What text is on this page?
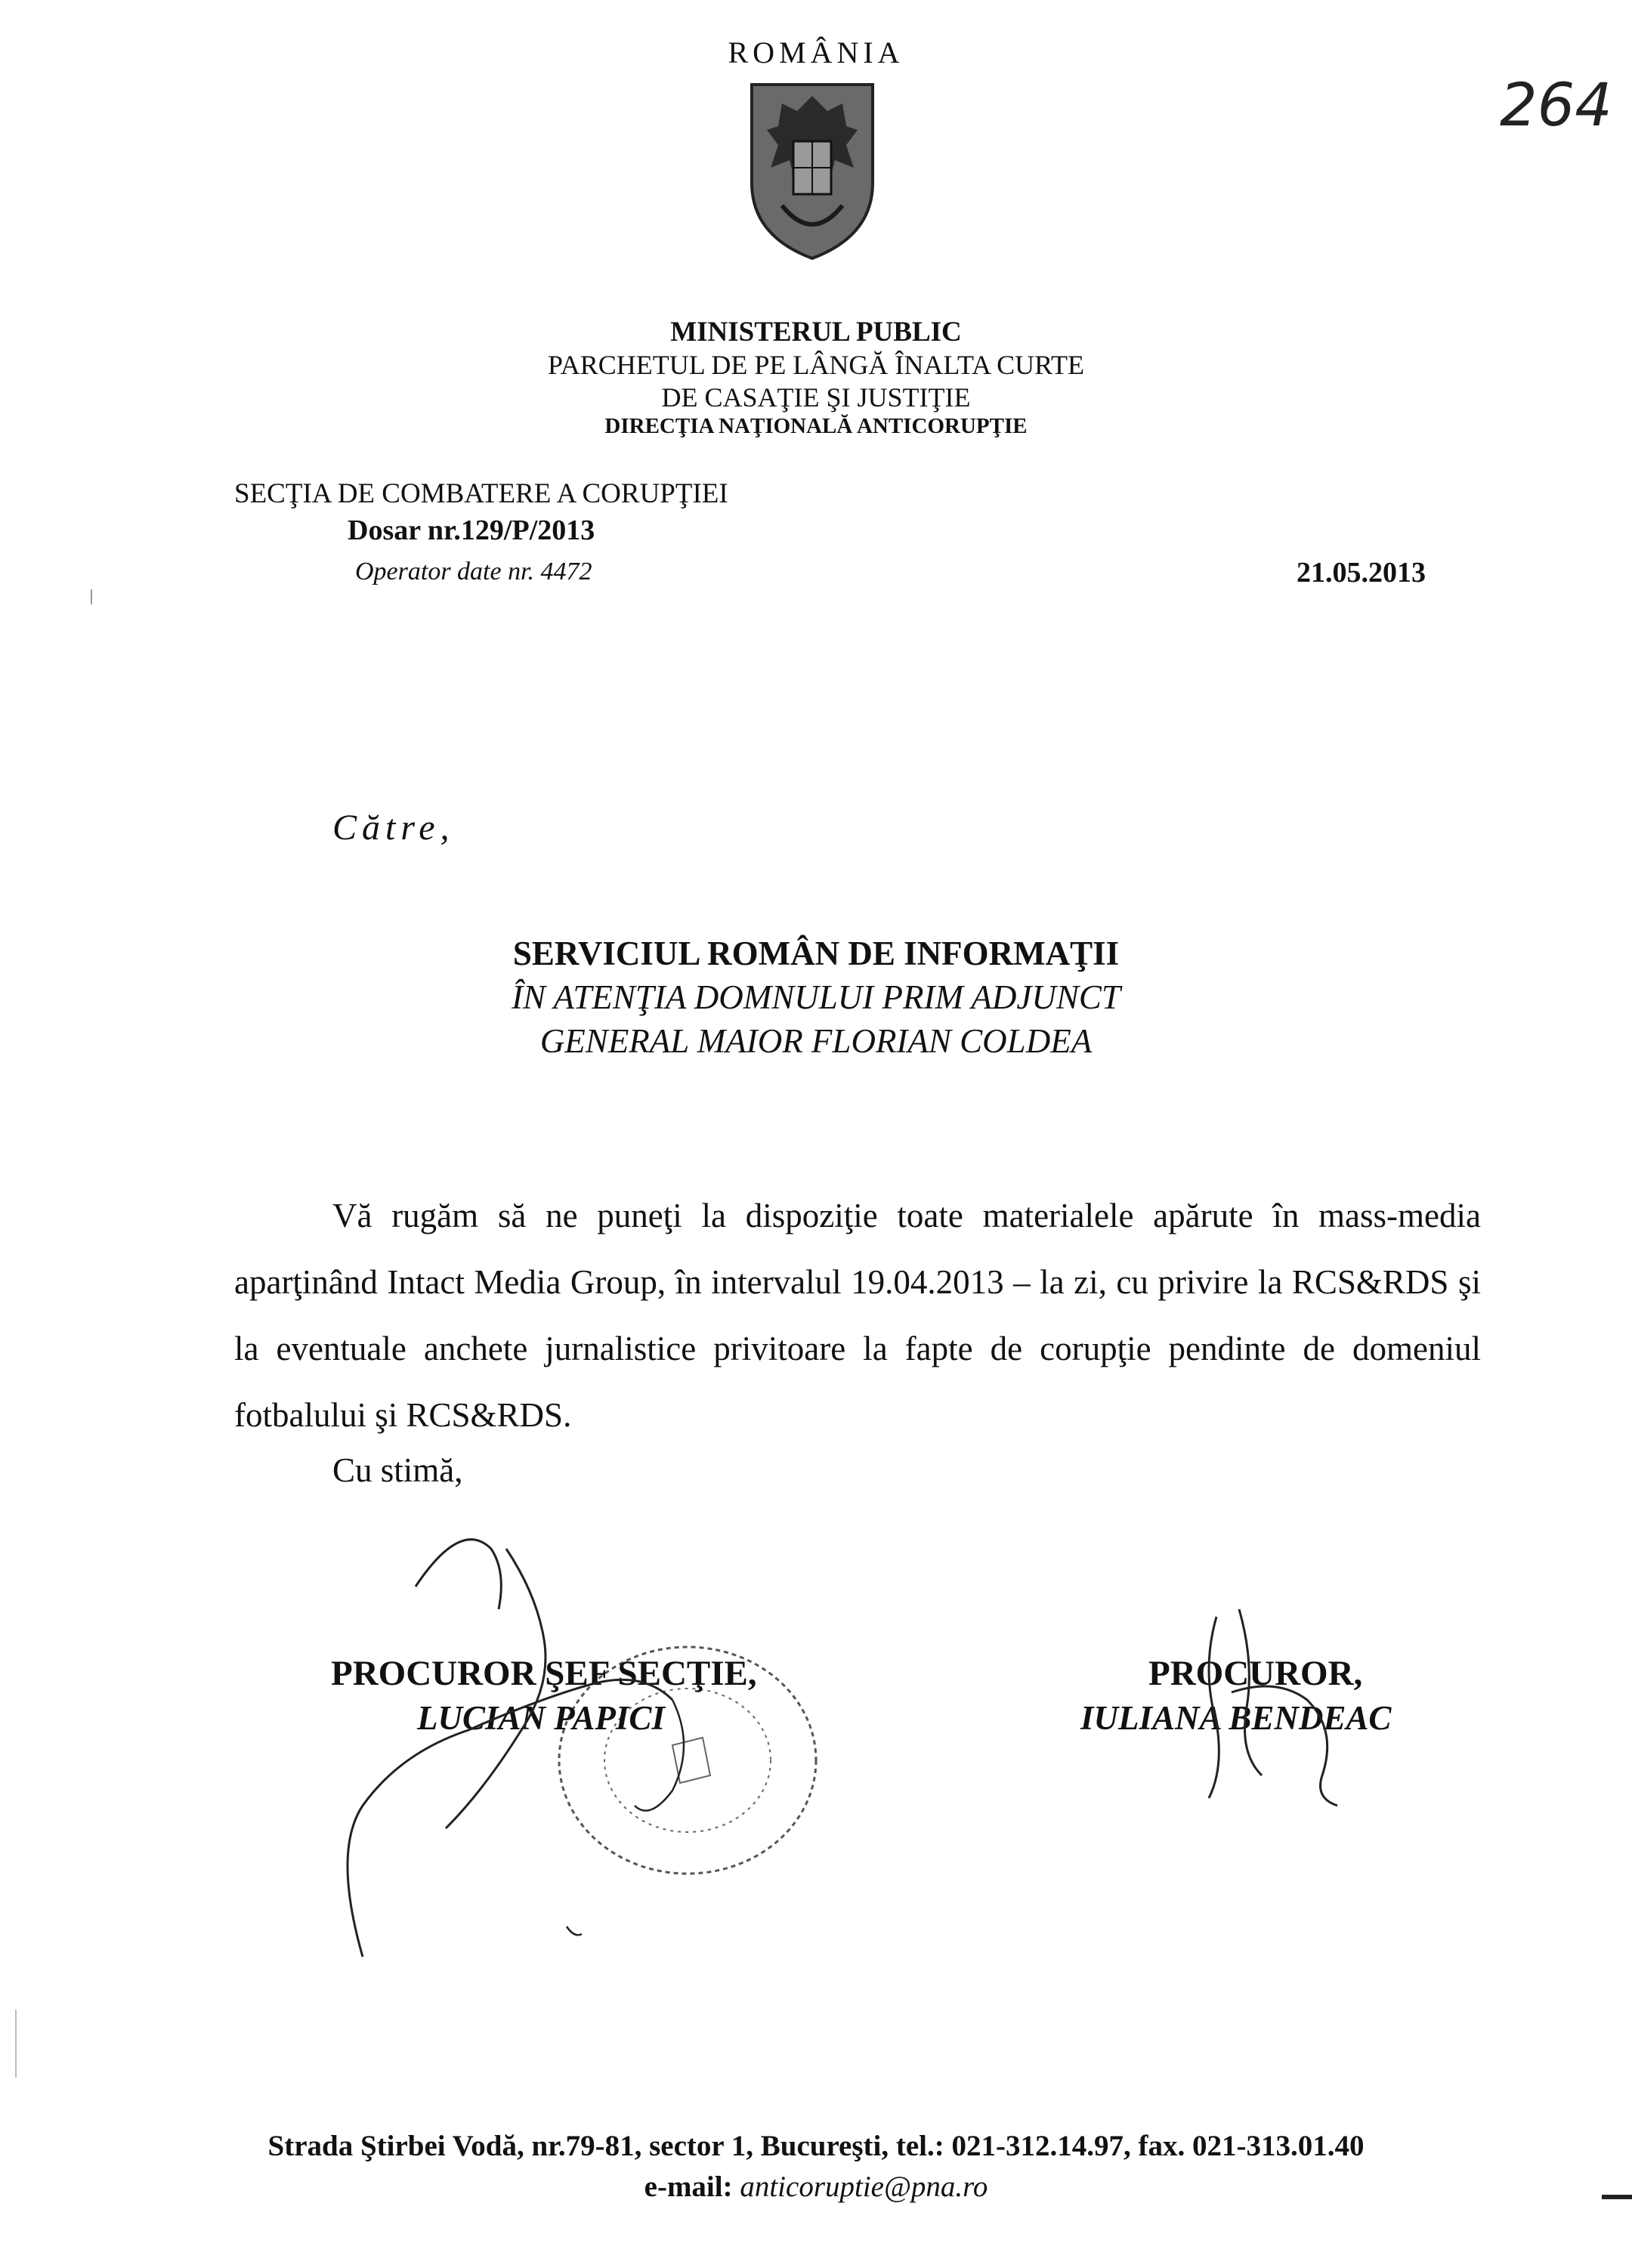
ROMÂNIA
264
MINISTERUL PUBLIC
PARCHETUL DE PE LÂNGĂ ÎNALTA CURTE
DE CASAŢIE ŞI JUSTIŢIE
DIRECŢIA NAŢIONALĂ ANTICORUPŢIE
SECŢIA DE COMBATERE A CORUPŢIEI
Dosar nr.129/P/2013
Operator date nr. 4472	21.05.2013
Către,
SERVICIUL ROMÂN DE INFORMAŢII
ÎN ATENŢIA DOMNULUI PRIM ADJUNCT
GENERAL MAIOR FLORIAN COLDEA
Vă rugăm să ne puneţi la dispoziţie toate materialele apărute în mass-media aparţinând Intact Media Group, în intervalul 19.04.2013 – la zi, cu privire la RCS&RDS şi la eventuale anchete jurnalistice privitoare la fapte de corupţie pendinte de domeniul fotbalului şi RCS&RDS.
Cu stimă,
PROCUROR ŞEF SECŢIE,
LUCIAN PAPICI
PROCUROR,
IULIANA BENDEAC
Strada Ştirbei Vodă, nr.79-81, sector 1, Bucureşti, tel.: 021-312.14.97, fax. 021-313.01.40
e-mail: anticoruptie@pna.ro
